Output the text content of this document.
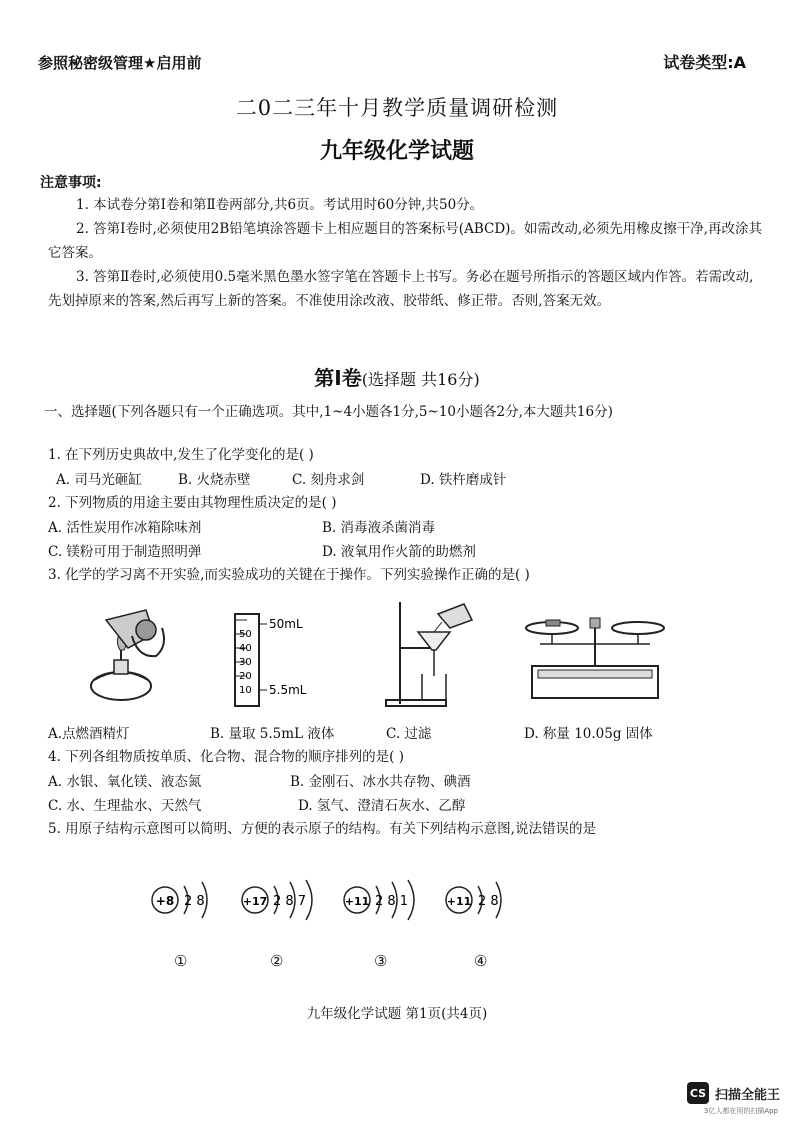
参照秘密级管理★启用前	试卷类型:A
二0二三年十月教学质量调研检测
九年级化学试题
注意事项:
1. 本试卷分第Ⅰ卷和第Ⅱ卷两部分,共6页。考试用时60分钟,共50分。
2. 答第Ⅰ卷时,必须使用2B铅笔填涂答题卡上相应题目的答案标号(ABCD)。如需改动,必须先用橡皮擦干净,再改涂其它答案。
3. 答第Ⅱ卷时,必须使用0.5毫米黑色墨水签字笔在答题卡上书写。务必在题号所指示的答题区域内作答。若需改动,先划掉原来的答案,然后再写上新的答案。不准使用涂改液、胶带纸、修正带。否则,答案无效。
第Ⅰ卷(选择题 共16分)
一、选择题(下列各题只有一个正确选项。其中,1~4小题各1分,5~10小题各2分,本大题共16分)
1. 在下列历史典故中,发生了化学变化的是( )
A. 司马光砸缸	B. 火烧赤壁	C. 刻舟求剑	D. 铁杵磨成针
2. 下列物质的用途主要由其物理性质决定的是( )
A. 活性炭用作冰箱除味剂	B. 消毒液杀菌消毒
C. 镁粉可用于制造照明弹	D. 液氧用作火箭的助燃剂
3. 化学的学习离不开实验,而实验成功的关键在于操作。下列实验操作正确的是( )
50
40
30
20
10
50mL
5.5mL
A.点燃酒精灯	B. 量取 5.5mL 液体	C. 过滤	D. 称量 10.05g 固体
4. 下列各组物质按单质、化合物、混合物的顺序排列的是( )
A. 水银、氧化镁、液态氮	B. 金刚石、冰水共存物、碘酒
C. 水、生理盐水、天然气	D. 氢气、澄清石灰水、乙醇
5. 用原子结构示意图可以简明、方便的表示原子的结构。有关下列结构示意图,说法错误的是
+8 2 8
①
+17 2 8 7
②
+11 2 8 1
③
+11 2 8
④
九年级化学试题 第1页(共4页)
CS 扫描全能王
3亿人都在用的扫描App
